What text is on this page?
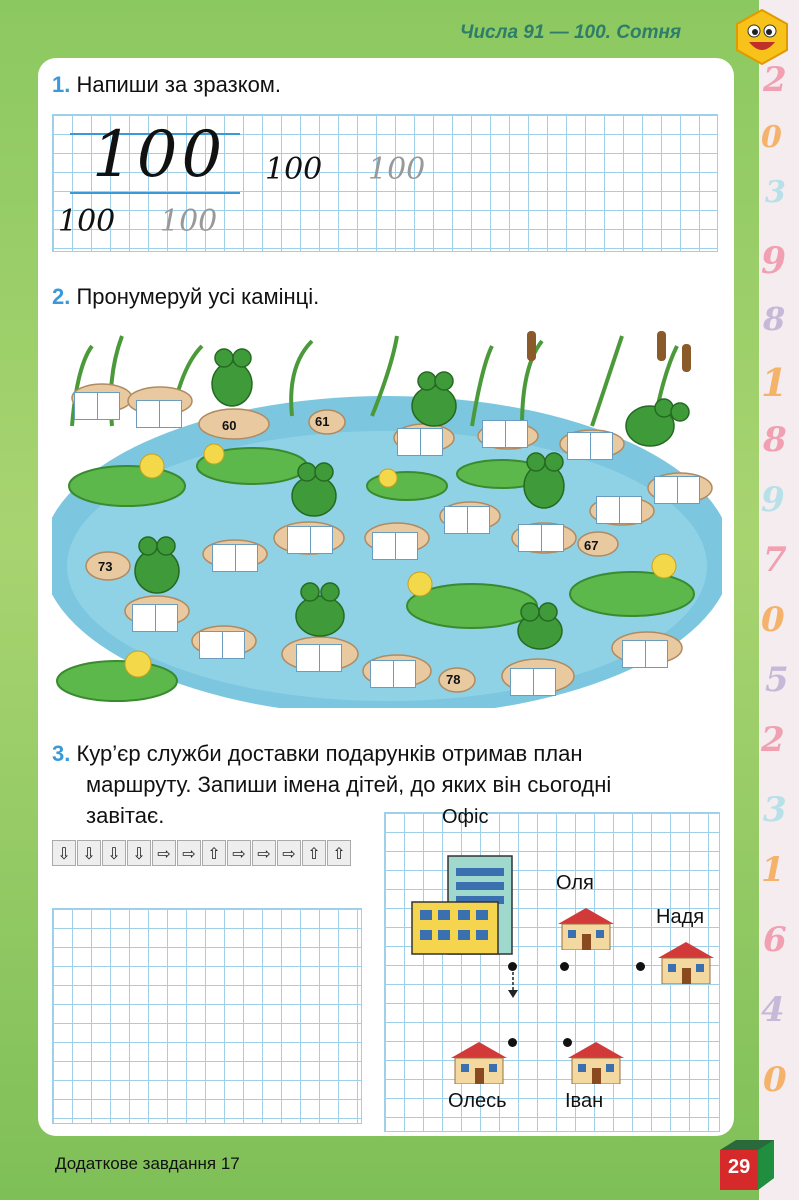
2
0
3
9
8
1
8
9
7
0
5
2
3
1
6
4
0
Числа 91 — 100. Сотня
1. Напиши за зразком.
100 100 100
100 100
2. Пронумеруй усі камінці.
60	61
67
73
78
3. Кур’єр служби доставки подарунків отримав план
маршруту. Запиши імена дітей, до яких він сьогодні
завітає.
⇩ ⇩ ⇩ ⇩ ⇨ ⇨ ⇧ ⇨ ⇨ ⇨ ⇧ ⇧
Офіс
Оля
Надя
Олесь	Іван
Додаткове завдання 17	29
